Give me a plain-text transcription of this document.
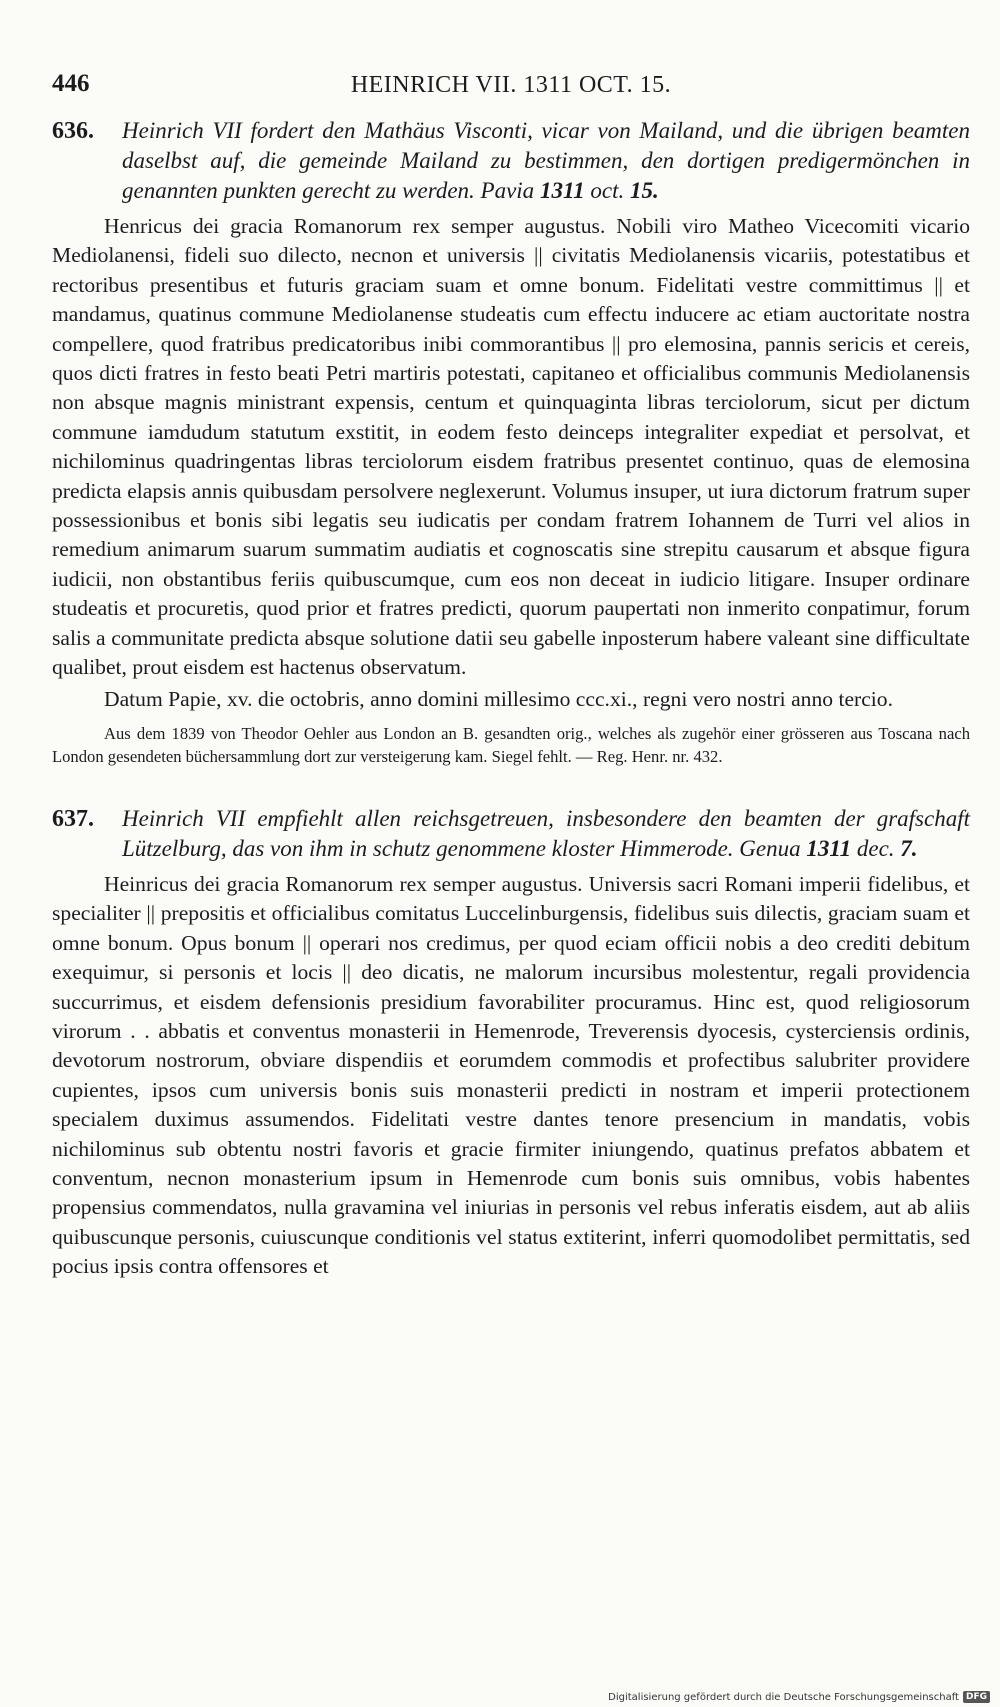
446	HEINRICH VII. 1311 OCT. 15.
636. Heinrich VII fordert den Mathäus Visconti, vicar von Mailand, und die übrigen beamten daselbst auf, die gemeinde Mailand zu bestimmen, den dortigen predigermönchen in genannten punkten gerecht zu werden. Pavia 1311 oct. 15.

Henricus dei gracia Romanorum rex semper augustus. Nobili viro Matheo Vicecomiti vicario Mediolanensi, fideli suo dilecto, necnon et universis || civitatis Mediolanensis vicariis, potestatibus et rectoribus presentibus et futuris graciam suam et omne bonum. Fidelitati vestre committimus || et mandamus, quatinus commune Mediolanense studeatis cum effectu inducere ac etiam auctoritate nostra compellere, quod fratribus predicatoribus inibi commorantibus || pro elemosina, pannis sericis et cereis, quos dicti fratres in festo beati Petri martiris potestati, capitaneo et officialibus communis Mediolanensis non absque magnis ministrant expensis, centum et quinquaginta libras terciolorum, sicut per dictum commune iamdudum statutum exstitit, in eodem festo deinceps integraliter expediat et persolvat, et nichilominus quadringentas libras terciolorum eisdem fratribus presentet continuo, quas de elemosina predicta elapsis annis quibusdam persolvere neglexerunt. Volumus insuper, ut iura dictorum fratrum super possessionibus et bonis sibi legatis seu iudicatis per condam fratrem Iohannem de Turri vel alios in remedium animarum suarum summatim audiatis et cognoscatis sine strepitu causarum et absque figura iudicii, non obstantibus feriis quibuscumque, cum eos non deceat in iudicio litigare. Insuper ordinare studeatis et procuretis, quod prior et fratres predicti, quorum paupertati non inmerito conpatimur, forum salis a communitate predicta absque solutione datii seu gabelle inposterum habere valeant sine difficultate qualibet, prout eisdem est hactenus observatum.

Datum Papie, xv. die octobris, anno domini millesimo ccc.xi., regni vero nostri anno tercio.

Aus dem 1839 von Theodor Oehler aus London an B. gesandten orig., welches als zugehör einer grösseren aus Toscana nach London gesendeten büchersammlung dort zur versteigerung kam. Siegel fehlt. — Reg. Henr. nr. 432.

637. Heinrich VII empfiehlt allen reichsgetreuen, insbesondere den beamten der grafschaft Lützelburg, das von ihm in schutz genommene kloster Himmerode. Genua 1311 dec. 7.

Heinricus dei gracia Romanorum rex semper augustus. Universis sacri Romani imperii fidelibus, et specialiter || prepositis et officialibus comitatus Luccelinburgensis, fidelibus suis dilectis, graciam suam et omne bonum. Opus bonum || operari nos credimus, per quod eciam officii nobis a deo crediti debitum exequimur, si personis et locis || deo dicatis, ne malorum incursibus molestentur, regali providencia succurrimus, et eisdem defensionis presidium favorabiliter procuramus. Hinc est, quod religiosorum virorum . . abbatis et conventus monasterii in Hemenrode, Treverensis dyocesis, cysterciensis ordinis, devotorum nostrorum, obviare dispendiis et eorumdem commodis et profectibus salubriter providere cupientes, ipsos cum universis bonis suis monasterii predicti in nostram et imperii protectionem specialem duximus assumendos. Fidelitati vestre dantes tenore presencium in mandatis, vobis nichilominus sub obtentu nostri favoris et gracie firmiter iniungendo, quatinus prefatos abbatem et conventum, necnon monasterium ipsum in Hemenrode cum bonis suis omnibus, vobis habentes propensius commendatos, nulla gravamina vel iniurias in personis vel rebus inferatis eisdem, aut ab aliis quibuscunque personis, cuiuscunque conditionis vel status extiterint, inferri quomodolibet permittatis, sed pocius ipsis contra offensores et

Digitalisierung gefördert durch die Deutsche Forschungsgemeinschaft DFG
